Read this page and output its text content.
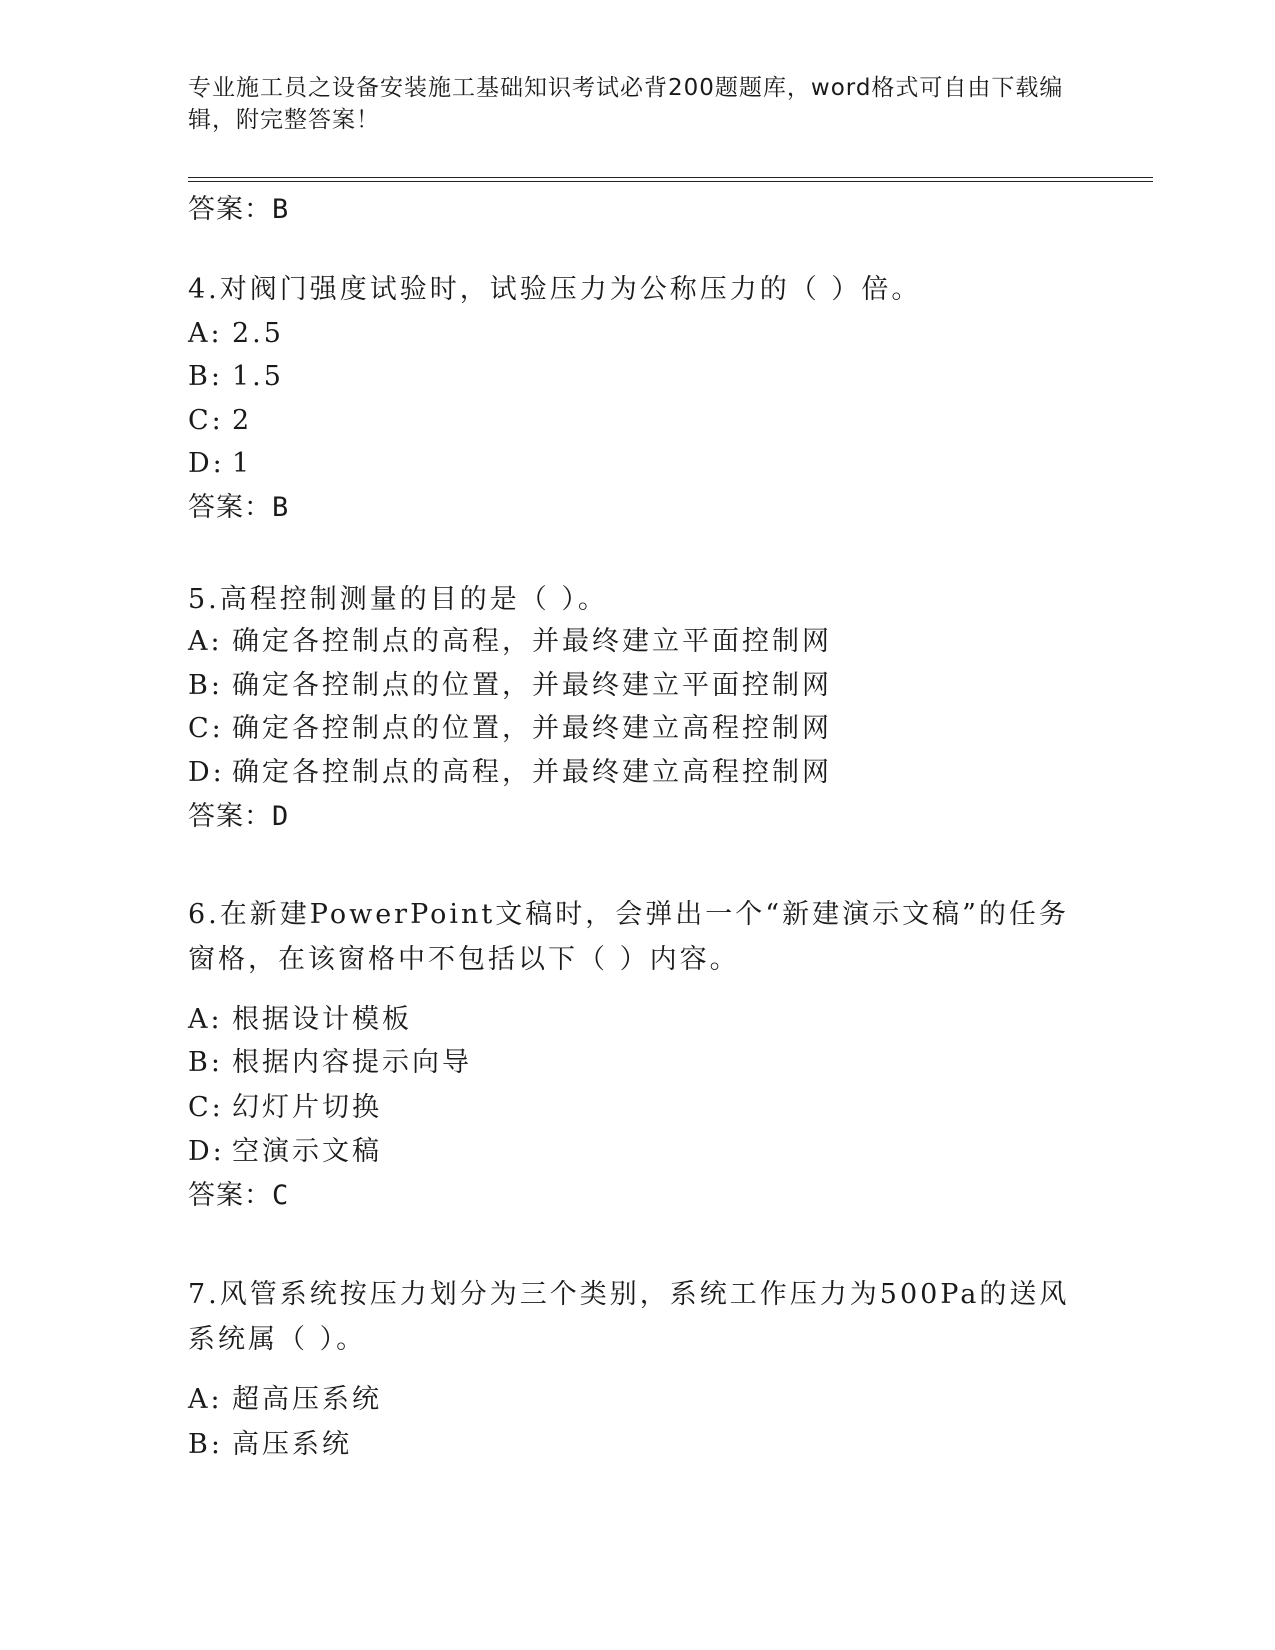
专业施工员之设备安装施工基础知识考试必背200题题库，word格式可自由下载编辑，附完整答案！
答案：B
4.对阀门强度试验时，试验压力为公称压力的（ ）倍。
A: 2.5
B: 1.5
C: 2
D: 1
答案：B
5.高程控制测量的目的是（ ）。
A: 确定各控制点的高程，并最终建立平面控制网
B: 确定各控制点的位置，并最终建立平面控制网
C: 确定各控制点的位置，并最终建立高程控制网
D: 确定各控制点的高程，并最终建立高程控制网
答案：D
6.在新建PowerPoint文稿时，会弹出一个“新建演示文稿”的任务窗格，在该窗格中不包括以下（ ）内容。
A: 根据设计模板
B: 根据内容提示向导
C: 幻灯片切换
D: 空演示文稿
答案：C
7.风管系统按压力划分为三个类别，系统工作压力为500Pa的送风系统属（ ）。
A: 超高压系统
B: 高压系统
